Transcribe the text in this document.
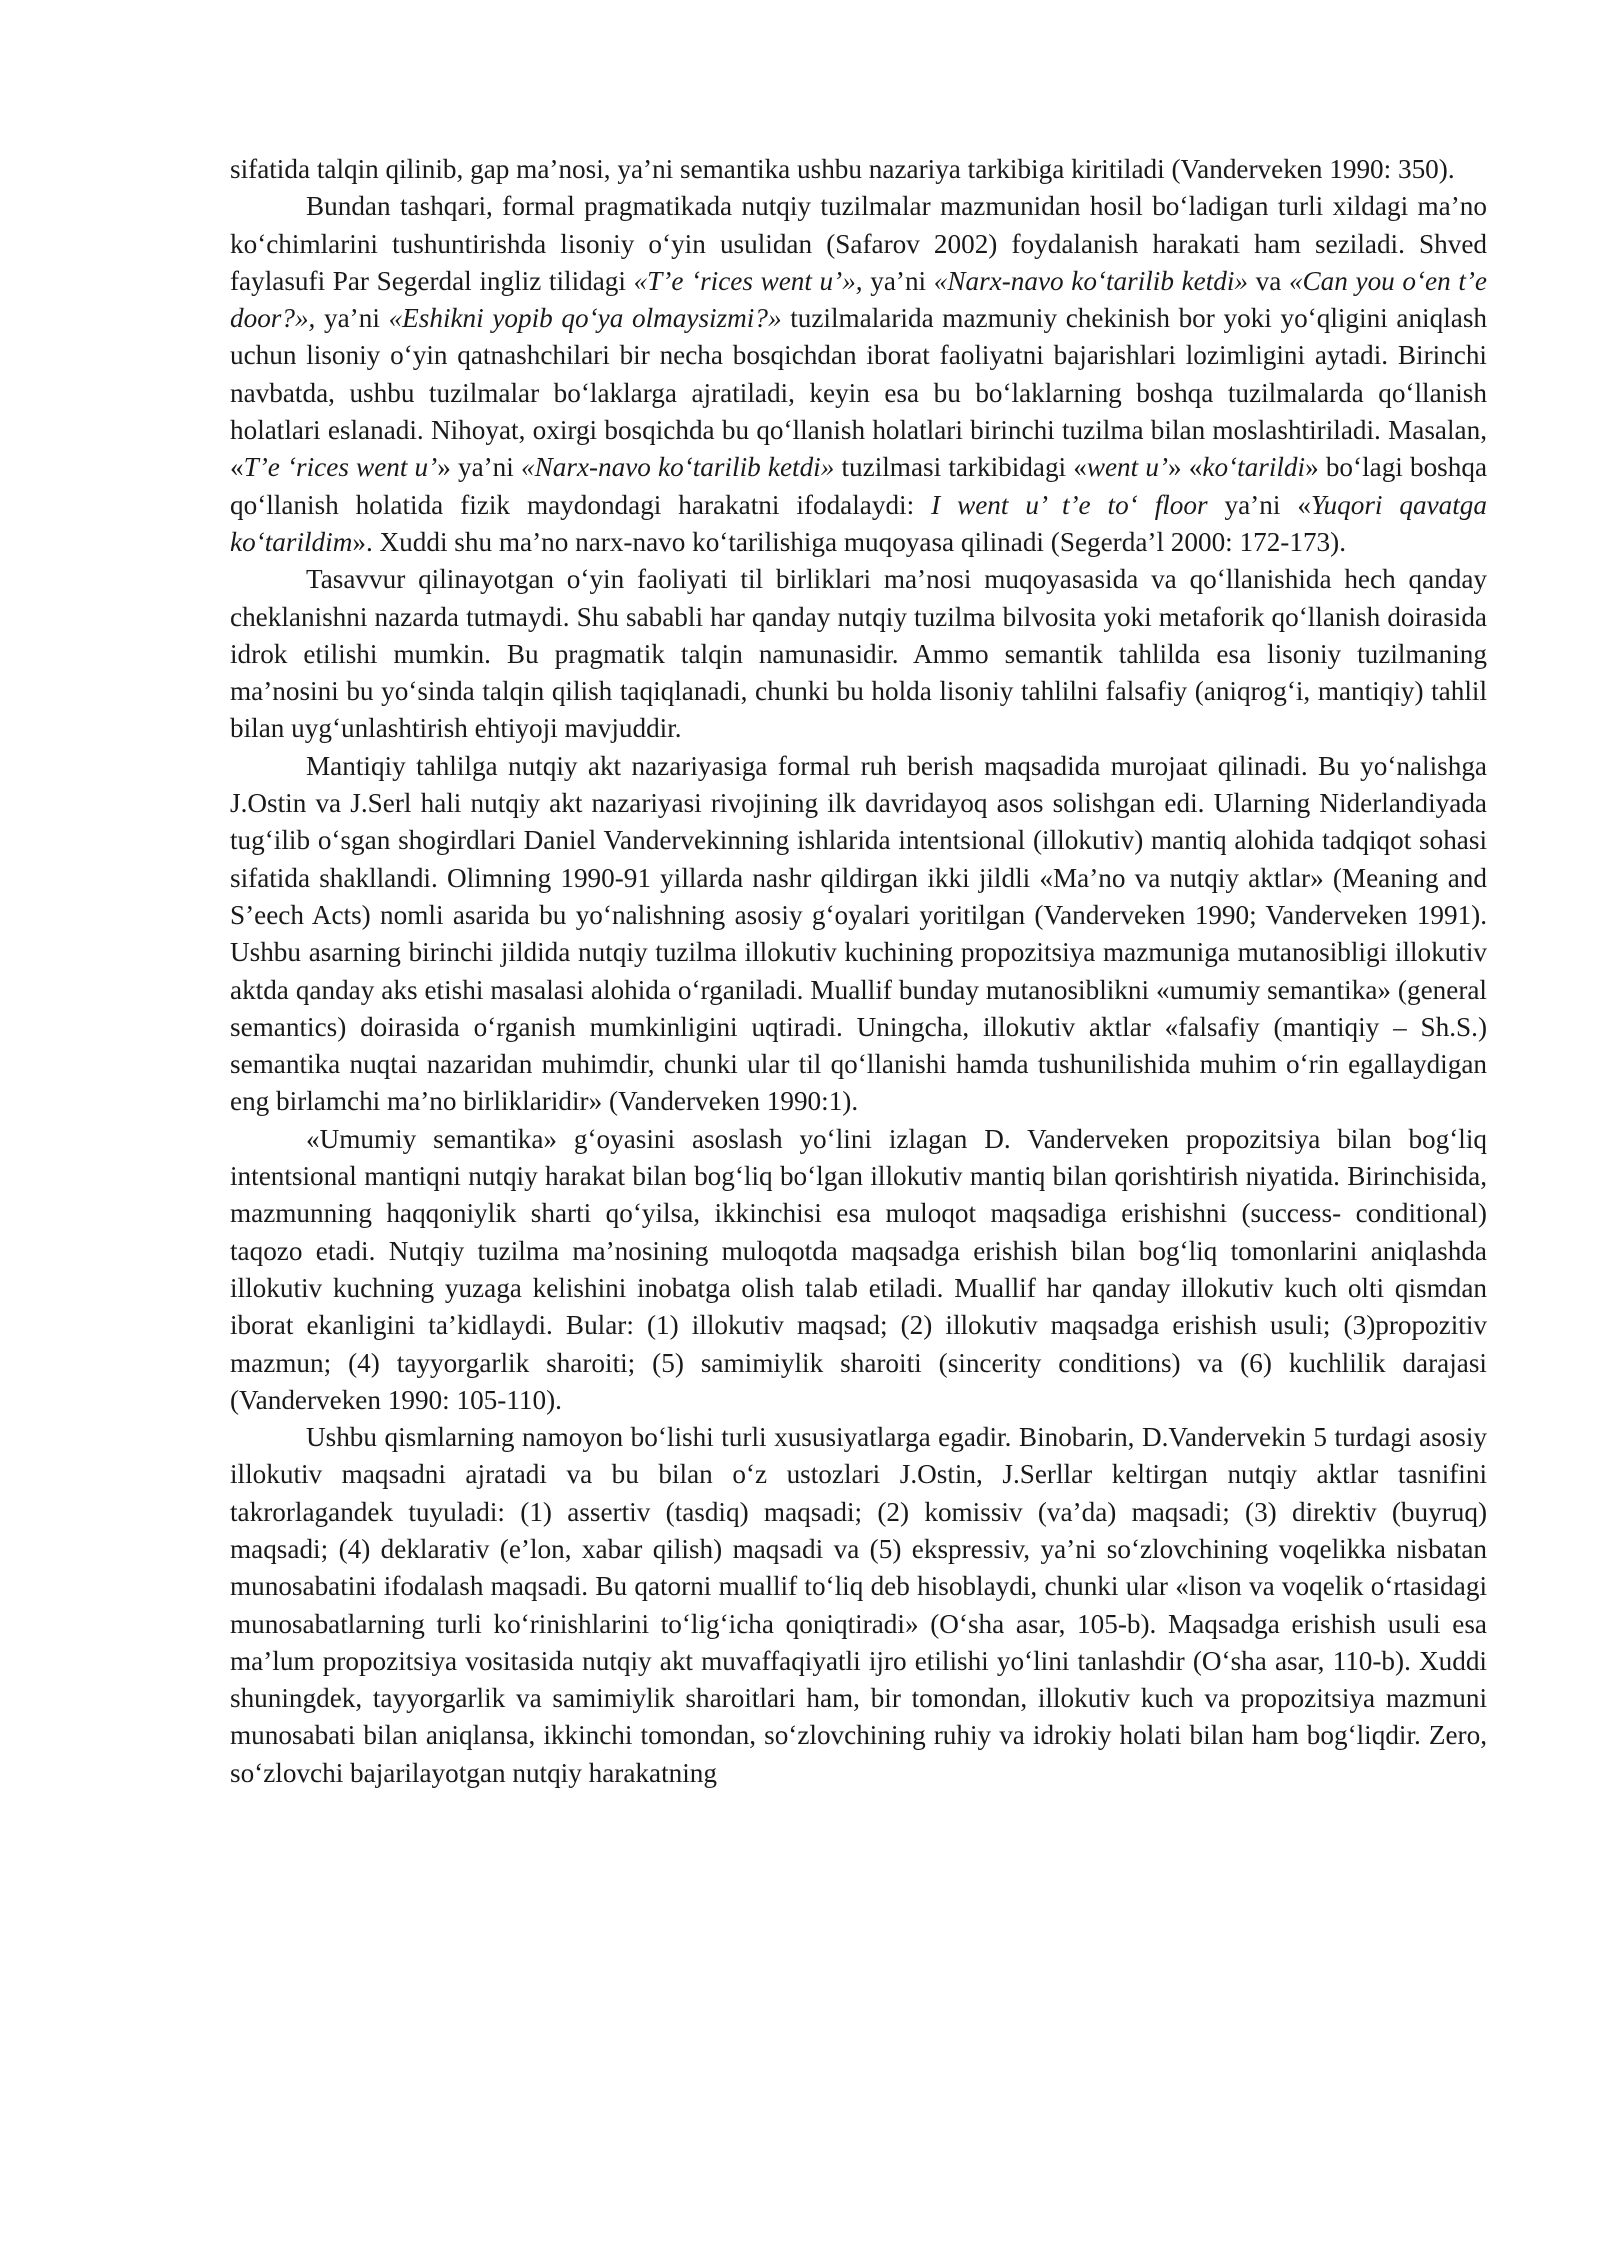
sifatida talqin qilinib, gap ma’nosi, ya’ni semantika ushbu nazariya tarkibiga kiritiladi (Vanderveken 1990: 350).

Bundan tashqari, formal pragmatikada nutqiy tuzilmalar mazmunidan hosil bo‘ladigan turli xildagi ma’no ko‘chimlarini tushuntirishda lisoniy o‘yin usulidan (Safarov 2002) foydalanish harakati ham seziladi. Shved faylasufi Par Segerdal ingliz tilidagi «T’e ‘rices went u’», ya’ni «Narx-navo ko‘tarilib ketdi» va «Can you o‘en t’e door?», ya’ni «Eshikni yopib qo‘ya olmaysizmi?» tuzilmalarida mazmuniy chekinish bor yoki yo‘qligini aniqlash uchun lisoniy o‘yin qatnashchilari bir necha bosqichdan iborat faoliyatni bajarishlari lozimligini aytadi. Birinchi navbatda, ushbu tuzilmalar bo‘laklarga ajratiladi, keyin esa bu bo‘laklarning boshqa tuzilmalarda qo‘llanish holatlari eslanadi. Nihoyat, oxirgi bosqichda bu qo‘llanish holatlari birinchi tuzilma bilan moslashtiriladi. Masalan, «T’e ‘rices went u’» ya’ni «Narx-navo ko‘tarilib ketdi» tuzilmasi tarkibidagi «went u’» «ko‘tarildi» bo‘lagi boshqa qo‘llanish holatida fizik maydondagi harakatni ifodalaydi: I went u’ t’e to‘ floor ya’ni «Yuqori qavatga ko‘tarildim». Xuddi shu ma’no narx-navo ko‘tarilishiga muqoyasa qilinadi (Segerda’l 2000: 172-173).

Tasavvur qilinayotgan o‘yin faoliyati til birliklari ma’nosi muqoyasasida va qo‘llanishida hech qanday cheklanishni nazarda tutmaydi. Shu sababli har qanday nutqiy tuzilma bilvosita yoki metaforik qo‘llanish doirasida idrok etilishi mumkin. Bu pragmatik talqin namunasidir. Ammo semantik tahlilda esa lisoniy tuzilmaning ma’nosini bu yo‘sinda talqin qilish taqiqlanadi, chunki bu holda lisoniy tahlilni falsafiy (aniqrog‘i, mantiqiy) tahlil bilan uyg‘unlashtirish ehtiyoji mavjuddir.

Mantiqiy tahlilga nutqiy akt nazariyasiga formal ruh berish maqsadida murojaat qilinadi. Bu yo‘nalishga J.Ostin va J.Serl hali nutqiy akt nazariyasi rivojining ilk davridayoq asos solishgan edi. Ularning Niderlandiyada tug‘ilib o‘sgan shogirdlari Daniel Vandervekinning ishlarida intentsional (illokutiv) mantiq alohida tadqiqot sohasi sifatida shakllandi. Olimning 1990-91 yillarda nashr qildirgan ikki jildli «Ma’no va nutqiy aktlar» (Meaning and S’eech Acts) nomli asarida bu yo‘nalishning asosiy g‘oyalari yoritilgan (Vanderveken 1990; Vanderveken 1991). Ushbu asarning birinchi jildida nutqiy tuzilma illokutiv kuchining propozitsiya mazmuniga mutanosibligi illokutiv aktda qanday aks etishi masalasi alohida o‘rganiladi. Muallif bunday mutanosiblikni «umumiy semantika» (general semantics) doirasida o‘rganish mumkinligini uqtiradi. Uningcha, illokutiv aktlar «falsafiy (mantiqiy – Sh.S.) semantika nuqtai nazaridan muhimdir, chunki ular til qo‘llanishi hamda tushunilishida muhim o‘rin egallaydigan eng birlamchi ma’no birliklaridir» (Vanderveken 1990:1).

«Umumiy semantika» g‘oyasini asoslash yo‘lini izlagan D. Vanderveken propozitsiya bilan bog‘liq intentsional mantiqni nutqiy harakat bilan bog‘liq bo‘lgan illokutiv mantiq bilan qorishtirish niyatida. Birinchisida, mazmunning haqqoniylik sharti qo‘yilsa, ikkinchisi esa muloqot maqsadiga erishishni (success- conditional) taqozo etadi. Nutqiy tuzilma ma’nosining muloqotda maqsadga erishish bilan bog‘liq tomonlarini aniqlashda illokutiv kuchning yuzaga kelishini inobatga olish talab etiladi. Muallif har qanday illokutiv kuch olti qismdan iborat ekanligini ta’kidlaydi. Bular: (1) illokutiv maqsad; (2) illokutiv maqsadga erishish usuli; (3)propozitiv mazmun; (4) tayyorgarlik sharoiti; (5) samimiylik sharoiti (sincerity conditions) va (6) kuchlilik darajasi (Vanderveken 1990: 105-110).

Ushbu qismlarning namoyon bo‘lishi turli xususiyatlarga egadir. Binobarin, D.Vandervekin 5 turdagi asosiy illokutiv maqsadni ajratadi va bu bilan o‘z ustozlari J.Ostin, J.Serllar keltirgan nutqiy aktlar tasnifini takrorlagandek tuyuladi: (1) assertiv (tasdiq) maqsadi; (2) komissiv (va’da) maqsadi; (3) direktiv (buyruq) maqsadi; (4) deklarativ (e’lon, xabar qilish) maqsadi va (5) ekspressiv, ya’ni so‘zlovchining voqelikka nisbatan munosabatini ifodalash maqsadi. Bu qatorni muallif to‘liq deb hisoblaydi, chunki ular «lison va voqelik o‘rtasidagi munosabatlarning turli ko‘rinishlarini to‘lig‘icha qoniqtiradi» (O‘sha asar, 105-b). Maqsadga erishish usuli esa ma’lum propozitsiya vositasida nutqiy akt muvaffaqiyatli ijro etilishi yo‘lini tanlashdir (O‘sha asar, 110-b). Xuddi shuningdek, tayyorgarlik va samimiylik sharoitlari ham, bir tomondan, illokutiv kuch va propozitsiya mazmuni munosabati bilan aniqlansa, ikkinchi tomondan, so‘zlovchining ruhiy va idrokiy holati bilan ham bog‘liqdir. Zero, so‘zlovchi bajarilayotgan nutqiy harakatning
